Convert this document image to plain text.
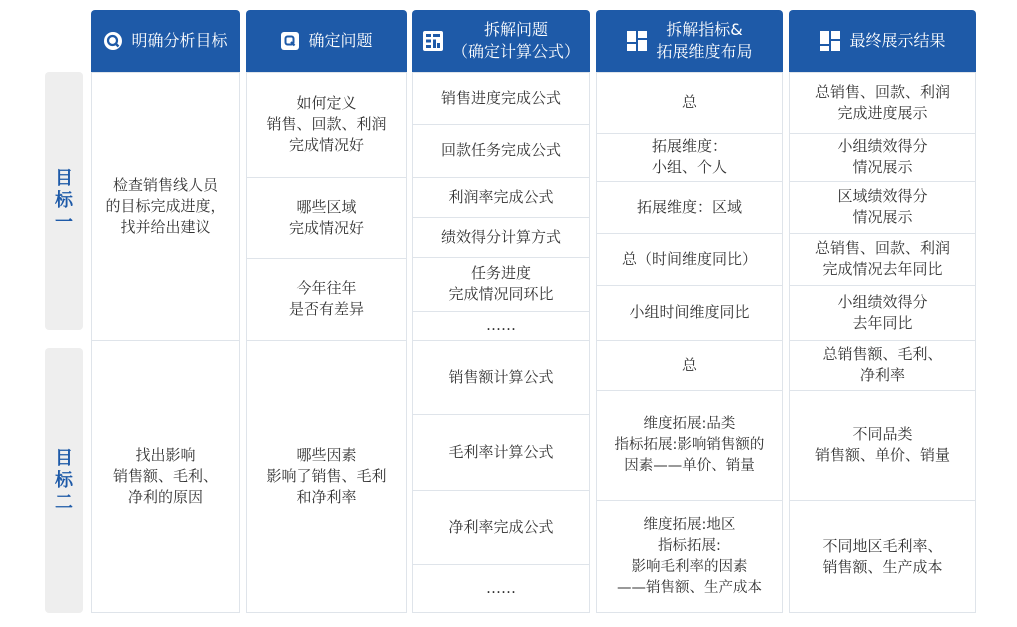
明确分析目标	确定问题
拆解问题
（确定计算公式）
拆解指标&
拓展维度布局
最终展示结果
目
标
一
目
标
二
检查销售线人员
的目标完成进度，
找并给出建议
如何定义
销售、回款、利润
完成情况好
哪些区域
完成情况好
今年往年
是否有差异
销售进度完成公式
回款任务完成公式
利润率完成公式
绩效得分计算方式
任务进度
完成情况同环比
……
总
拓展维度：
小组、个人
拓展维度：区域
总（时间维度同比）
小组时间维度同比
总销售、回款、利润
完成进度展示
小组绩效得分
情况展示
区域绩效得分
情况展示
总销售、回款、利润
完成情况去年同比
小组绩效得分
去年同比
找出影响
销售额、毛利、
净利的原因
哪些因素
影响了销售、毛利
和净利率
销售额计算公式
毛利率计算公式
净利率完成公式
……
总
维度拓展:品类
指标拓展:影响销售额的
因素——单价、销量
维度拓展:地区
指标拓展:
影响毛利率的因素
——销售额、生产成本
总销售额、毛利、
净利率
不同品类
销售额、单价、销量
不同地区毛利率、
销售额、生产成本
